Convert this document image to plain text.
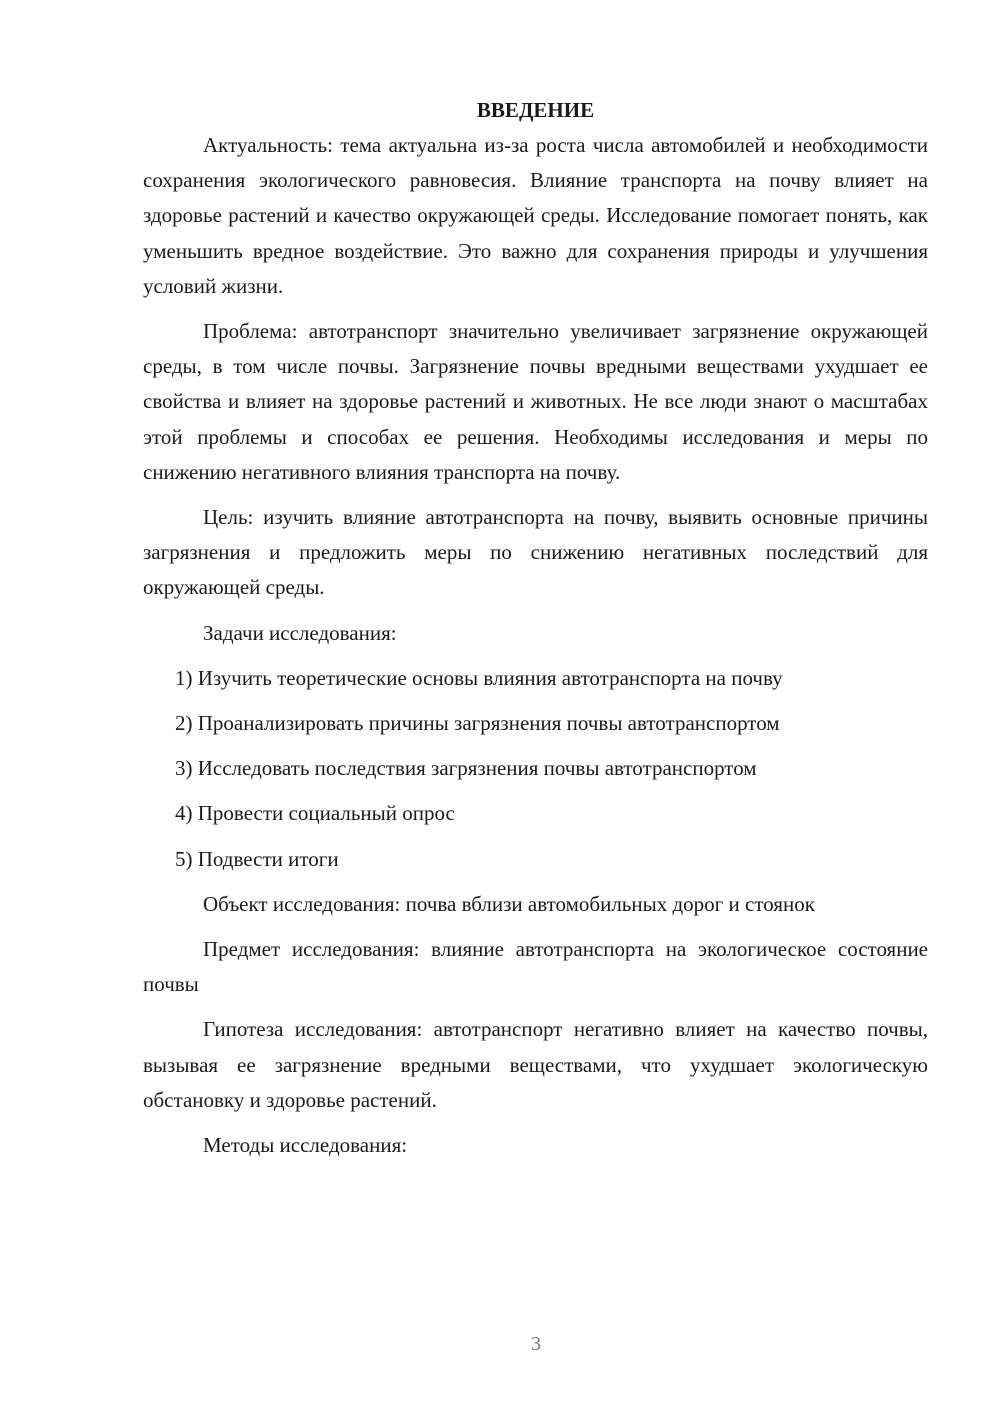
ВВЕДЕНИЕ

Актуальность: тема актуальна из-за роста числа автомобилей и необходимости сохранения экологического равновесия. Влияние транспорта на почву влияет на здоровье растений и качество окружающей среды. Исследование помогает понять, как уменьшить вредное воздействие. Это важно для сохранения природы и улучшения условий жизни.

Проблема: автотранспорт значительно увеличивает загрязнение окружающей среды, в том числе почвы. Загрязнение почвы вредными веществами ухудшает ее свойства и влияет на здоровье растений и животных. Не все люди знают о масштабах этой проблемы и способах ее решения. Необходимы исследования и меры по снижению негативного влияния транспорта на почву.

Цель: изучить влияние автотранспорта на почву, выявить основные причины загрязнения и предложить меры по снижению негативных последствий для окружающей среды.

Задачи исследования:

1) Изучить теоретические основы влияния автотранспорта на почву
2) Проанализировать причины загрязнения почвы автотранспортом
3) Исследовать последствия загрязнения почвы автотранспортом
4) Провести социальный опрос
5) Подвести итоги

Объект исследования: почва вблизи автомобильных дорог и стоянок

Предмет исследования: влияние автотранспорта на экологическое состояние почвы

Гипотеза исследования: автотранспорт негативно влияет на качество почвы, вызывая ее загрязнение вредными веществами, что ухудшает экологическую обстановку и здоровье растений.

Методы исследования:

3
